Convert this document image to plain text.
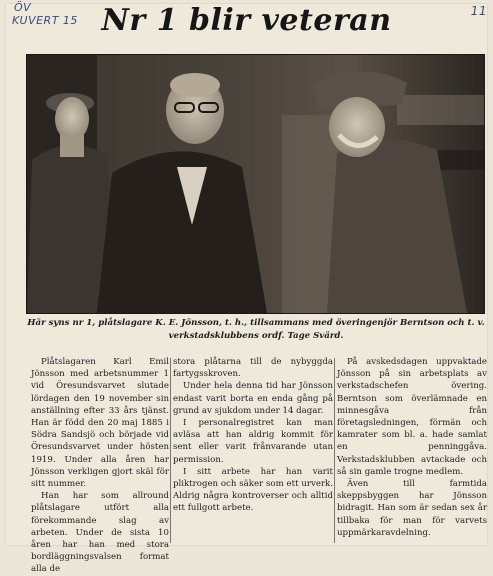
ÖV
KUVERT 15
11
Nr 1 blir veteran
Här syns nr 1, plåtslagare K. E. Jönsson, t. h., tillsammans med överingenjör Berntson och t. v. verkstadsklubbens ordf. Tage Svärd.

Plåtslagaren Karl Emil Jönsson med arbetsnummer 1 vid Öresundsvarvet slutade lördagen den 19 november sin anställning efter 33 års tjänst. Han är född den 20 maj 1885 i Södra Sandsjö och började vid Öresundsvarvet under hösten 1919. Under alla åren har Jönsson verkligen gjort skäl för sitt nummer.

Han har som allround plåtslagare utfört alla förekommande slag av arbeten. Under de sista 10 åren har han med stora bordläggningsvalsen format alla de

stora plåtarna till de nybyggda fartygsskroven.

Under hela denna tid har Jönsson endast varit borta en enda gång på grund av sjukdom under 14 dagar.

I personalregistret kan man avläsa att han aldrig kommit för sent eller varit frånvarande utan permission.

I sitt arbete har han varit pliktrogen och säker som ett urverk. Aldrig några kontroverser och alltid ett fullgott arbete.

På avskedsdagen uppvaktade Jönsson på sin arbetsplats av verkstadschefen övering. Berntson som överlämnade en minnesgåva från företagsledningen, förmän och kamrater som bl. a. hade samlat en penninggåva. Verkstadsklubben avtackade och så sin gamle trogne medlem.

Även till farmtida skeppsbyggen har Jönsson bidragit. Han som är sedan sex år tillbaka för man för varvets uppmärkaravdelning.
